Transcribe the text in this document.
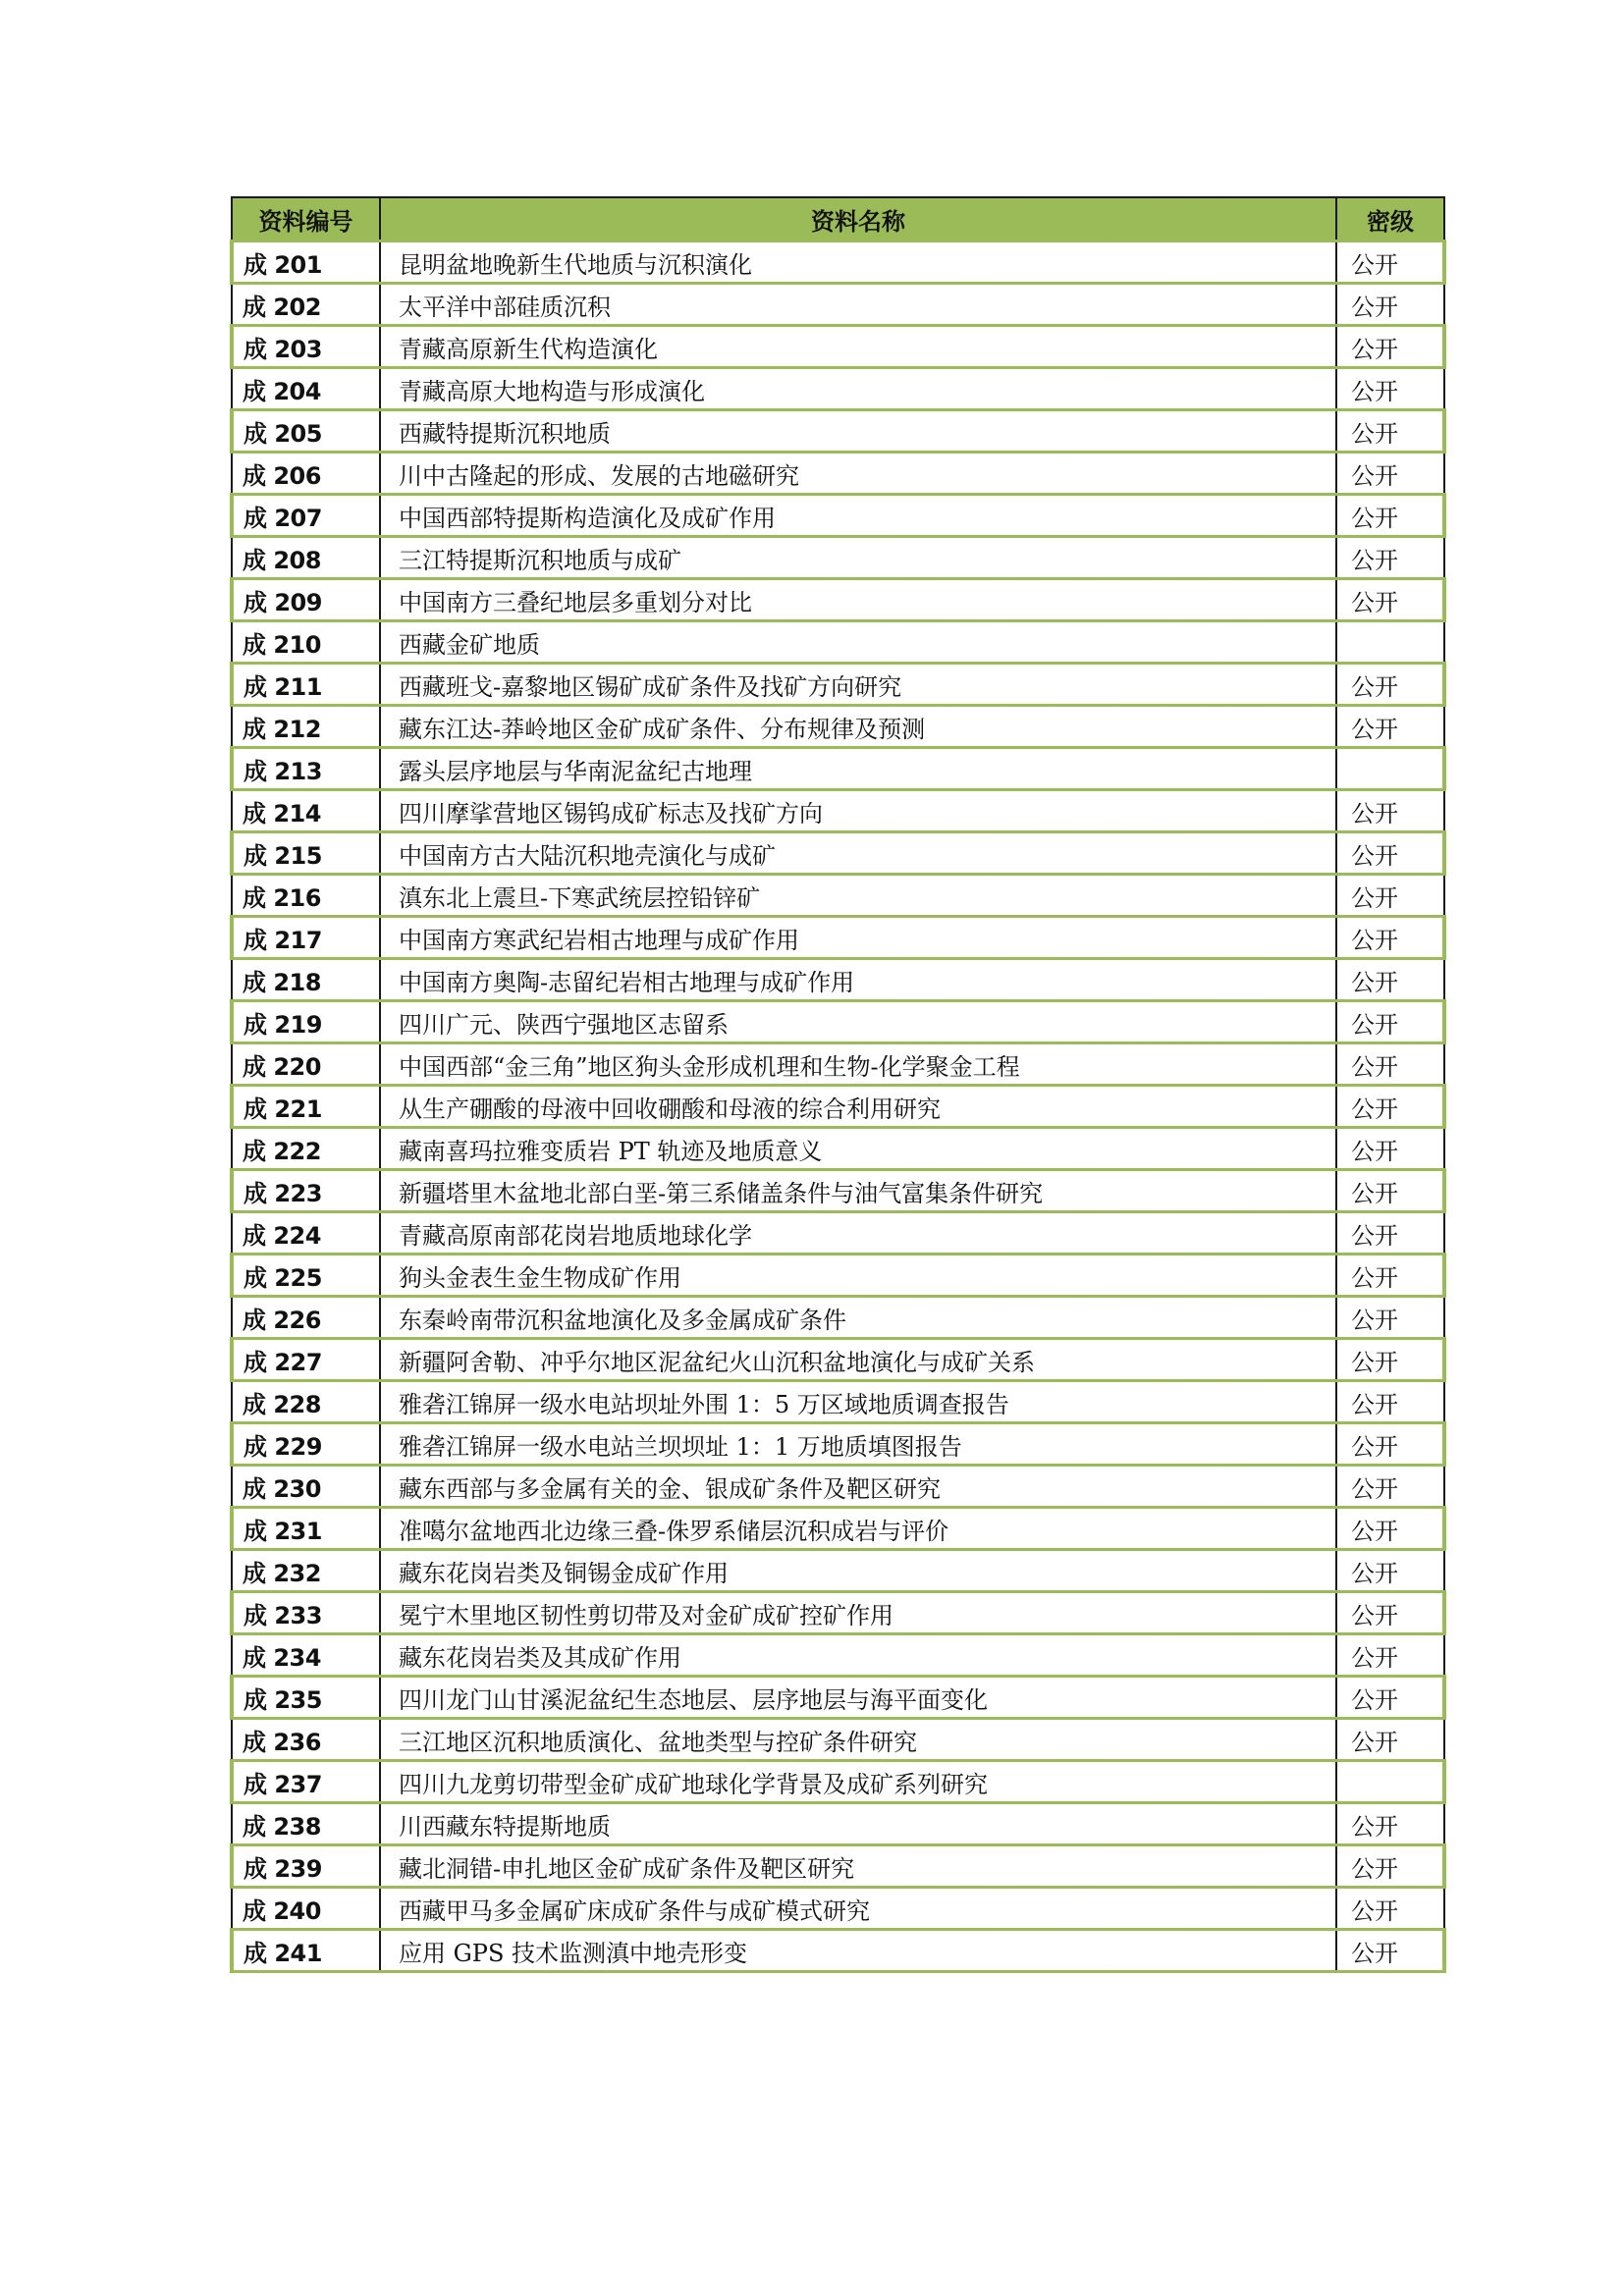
资料编号	资料名称	密级
成 201	昆明盆地晚新生代地质与沉积演化	公开
成 202	太平洋中部硅质沉积	公开
成 203	青藏高原新生代构造演化	公开
成 204	青藏高原大地构造与形成演化	公开
成 205	西藏特提斯沉积地质	公开
成 206	川中古隆起的形成、发展的古地磁研究	公开
成 207	中国西部特提斯构造演化及成矿作用	公开
成 208	三江特提斯沉积地质与成矿	公开
成 209	中国南方三叠纪地层多重划分对比	公开
成 210	西藏金矿地质	
成 211	西藏班戈-嘉黎地区锡矿成矿条件及找矿方向研究	公开
成 212	藏东江达-莽岭地区金矿成矿条件、分布规律及预测	公开
成 213	露头层序地层与华南泥盆纪古地理	
成 214	四川摩挲营地区锡钨成矿标志及找矿方向	公开
成 215	中国南方古大陆沉积地壳演化与成矿	公开
成 216	滇东北上震旦-下寒武统层控铅锌矿	公开
成 217	中国南方寒武纪岩相古地理与成矿作用	公开
成 218	中国南方奥陶-志留纪岩相古地理与成矿作用	公开
成 219	四川广元、陕西宁强地区志留系	公开
成 220	中国西部“金三角”地区狗头金形成机理和生物-化学聚金工程	公开
成 221	从生产硼酸的母液中回收硼酸和母液的综合利用研究	公开
成 222	藏南喜玛拉雅变质岩 PT 轨迹及地质意义	公开
成 223	新疆塔里木盆地北部白垩-第三系储盖条件与油气富集条件研究	公开
成 224	青藏高原南部花岗岩地质地球化学	公开
成 225	狗头金表生金生物成矿作用	公开
成 226	东秦岭南带沉积盆地演化及多金属成矿条件	公开
成 227	新疆阿舍勒、冲乎尔地区泥盆纪火山沉积盆地演化与成矿关系	公开
成 228	雅砻江锦屏一级水电站坝址外围 1：5 万区域地质调查报告	公开
成 229	雅砻江锦屏一级水电站兰坝坝址 1：1 万地质填图报告	公开
成 230	藏东西部与多金属有关的金、银成矿条件及靶区研究	公开
成 231	准噶尔盆地西北边缘三叠-侏罗系储层沉积成岩与评价	公开
成 232	藏东花岗岩类及铜锡金成矿作用	公开
成 233	冕宁木里地区韧性剪切带及对金矿成矿控矿作用	公开
成 234	藏东花岗岩类及其成矿作用	公开
成 235	四川龙门山甘溪泥盆纪生态地层、层序地层与海平面变化	公开
成 236	三江地区沉积地质演化、盆地类型与控矿条件研究	公开
成 237	四川九龙剪切带型金矿成矿地球化学背景及成矿系列研究	
成 238	川西藏东特提斯地质	公开
成 239	藏北洞错-申扎地区金矿成矿条件及靶区研究	公开
成 240	西藏甲马多金属矿床成矿条件与成矿模式研究	公开
成 241	应用 GPS 技术监测滇中地壳形变	公开
